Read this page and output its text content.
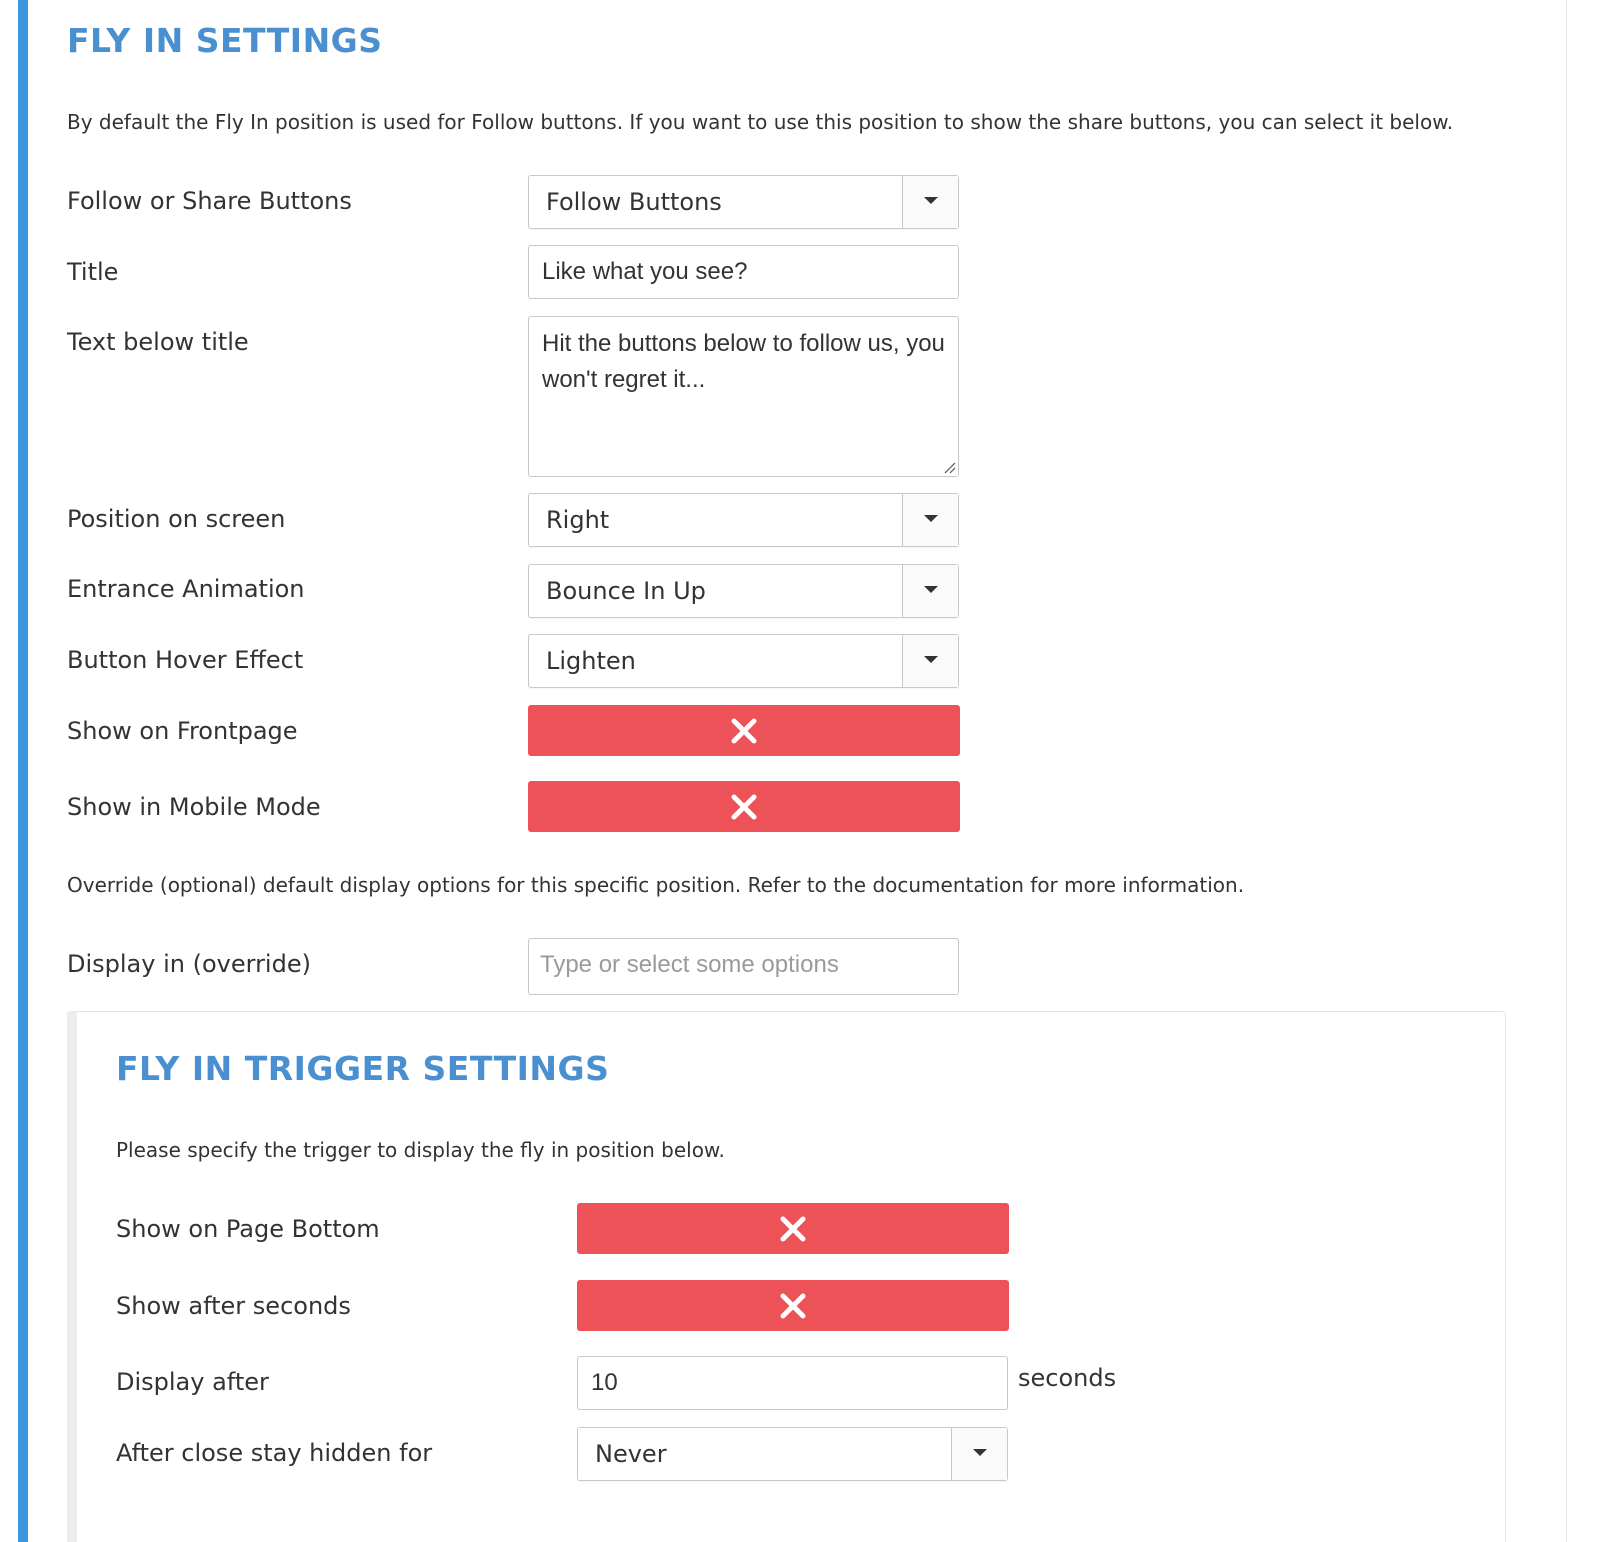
FLY IN SETTINGS

By default the Fly In position is used for Follow buttons. If you want to use this position to show the share buttons, you can select it below.

Follow or Share Buttons	Follow Buttons
Title	Like what you see?
Text below title	Hit the buttons below to follow us, you won't regret it...
Position on screen	Right
Entrance Animation	Bounce In Up
Button Hover Effect	Lighten
Show on Frontpage
Show in Mobile Mode

Override (optional) default display options for this specific position. Refer to the documentation for more information.

Display in (override)	Type or select some options
FLY IN TRIGGER SETTINGS

Please specify the trigger to display the fly in position below.

Show on Page Bottom
Show after seconds
Display after	10	seconds
After close stay hidden for	Never
